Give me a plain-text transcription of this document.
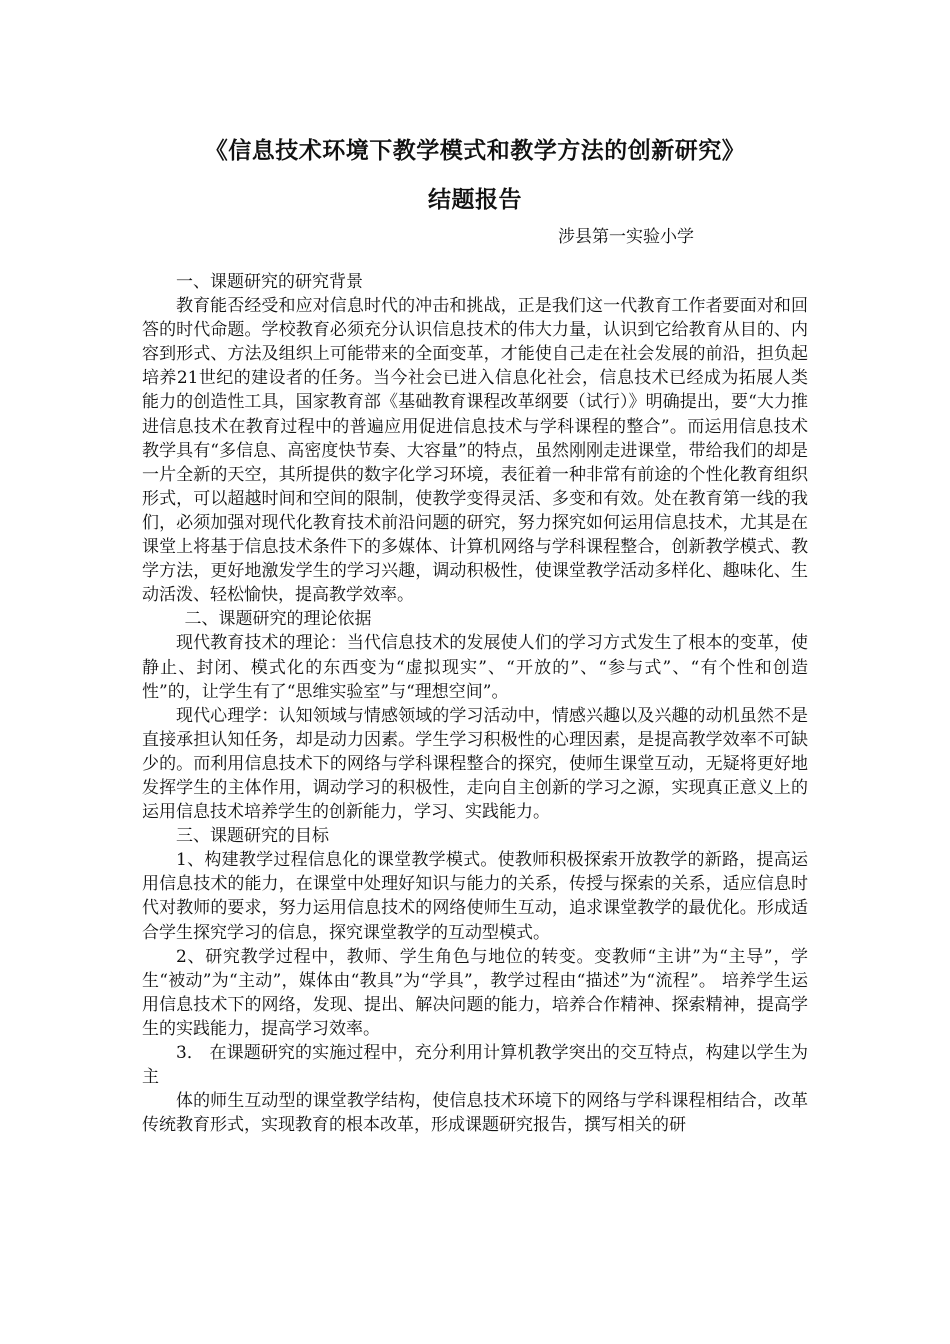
《信息技术环境下教学模式和教学方法的创新研究》
结题报告
涉县第一实验小学

一、课题研究的研究背景

教育能否经受和应对信息时代的冲击和挑战，正是我们这一代教育工作者要面对和回答的时代命题。学校教育必须充分认识信息技术的伟大力量，认识到它给教育从目的、内容到形式、方法及组织上可能带来的全面变革，才能使自己走在社会发展的前沿，担负起培养21世纪的建设者的任务。当今社会已进入信息化社会，信息技术已经成为拓展人类能力的创造性工具，国家教育部《基础教育课程改革纲要（试行）》明确提出，要“大力推进信息技术在教育过程中的普遍应用促进信息技术与学科课程的整合”。而运用信息技术教学具有“多信息、高密度快节奏、大容量”的特点，虽然刚刚走进课堂，带给我们的却是一片全新的天空，其所提供的数字化学习环境，表征着一种非常有前途的个性化教育组织形式，可以超越时间和空间的限制，使教学变得灵活、多变和有效。处在教育第一线的我们，必须加强对现代化教育技术前沿问题的研究，努力探究如何运用信息技术，尤其是在课堂上将基于信息技术条件下的多媒体、计算机网络与学科课程整合，创新教学模式、教学方法，更好地激发学生的学习兴趣，调动积极性，使课堂教学活动多样化、趣味化、生动活泼、轻松愉快，提高教学效率。

二、课题研究的理论依据

现代教育技术的理论：当代信息技术的发展使人们的学习方式发生了根本的变革，使静止、封闭、模式化的东西变为“虚拟现实”、“开放的”、“参与式”、“有个性和创造性”的，让学生有了“思维实验室”与“理想空间”。

现代心理学：认知领域与情感领域的学习活动中，情感兴趣以及兴趣的动机虽然不是直接承担认知任务，却是动力因素。学生学习积极性的心理因素，是提高教学效率不可缺少的。而利用信息技术下的网络与学科课程整合的探究，使师生课堂互动，无疑将更好地发挥学生的主体作用，调动学习的积极性，走向自主创新的学习之源，实现真正意义上的运用信息技术培养学生的创新能力，学习、实践能力。

三、课题研究的目标

1、构建教学过程信息化的课堂教学模式。使教师积极探索开放教学的新路，提高运用信息技术的能力，在课堂中处理好知识与能力的关系，传授与探索的关系，适应信息时代对教师的要求，努力运用信息技术的网络使师生互动，追求课堂教学的最优化。形成适合学生探究学习的信息，探究课堂教学的互动型模式。

2、研究教学过程中，教师、学生角色与地位的转变。变教师“主讲”为“主导”，学生“被动”为“主动”，媒体由“教具”为“学具”，教学过程由“描述”为“流程”。 培养学生运用信息技术下的网络，发现、提出、解决问题的能力，培养合作精神、探索精神，提高学生的实践能力，提高学习效率。

3． 在课题研究的实施过程中，充分利用计算机教学突出的交互特点，构建以学生为主

体的师生互动型的课堂教学结构，使信息技术环境下的网络与学科课程相结合，改革传统教育形式，实现教育的根本改革，形成课题研究报告，撰写相关的研
